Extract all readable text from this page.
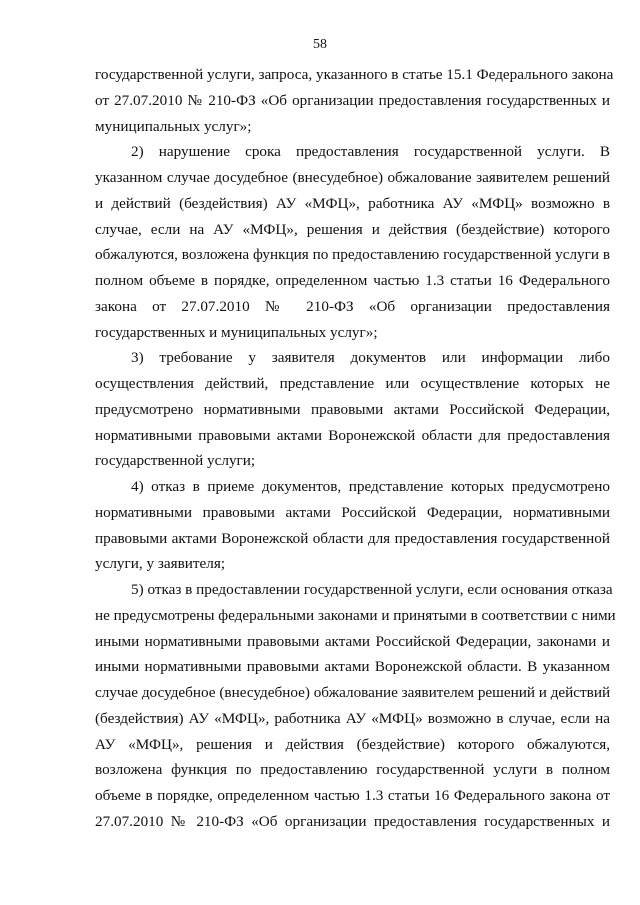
58
государственной услуги, запроса, указанного в статье 15.1 Федерального закона
от 27.07.2010 № 210-ФЗ «Об организации предоставления государственных и
муниципальных услуг»;
2) нарушение срока предоставления государственной услуги. В
указанном случае досудебное (внесудебное) обжалование заявителем решений
и действий (бездействия) АУ «МФЦ», работника АУ «МФЦ» возможно в
случае, если на АУ «МФЦ», решения и действия (бездействие) которого
обжалуются, возложена функция по предоставлению государственной услуги в
полном объеме в порядке, определенном частью 1.3 статьи 16 Федерального
закона от 27.07.2010 № 210-ФЗ «Об организации предоставления
государственных и муниципальных услуг»;
3) требование у заявителя документов или информации либо
осуществления действий, представление или осуществление которых не
предусмотрено нормативными правовыми актами Российской Федерации,
нормативными правовыми актами Воронежской области для предоставления
государственной услуги;
4) отказ в приеме документов, представление которых предусмотрено
нормативными правовыми актами Российской Федерации, нормативными
правовыми актами Воронежской области для предоставления государственной
услуги, у заявителя;
5) отказ в предоставлении государственной услуги, если основания отказа
не предусмотрены федеральными законами и принятыми в соответствии с ними
иными нормативными правовыми актами Российской Федерации, законами и
иными нормативными правовыми актами Воронежской области. В указанном
случае досудебное (внесудебное) обжалование заявителем решений и действий
(бездействия) АУ «МФЦ», работника АУ «МФЦ» возможно в случае, если на
АУ «МФЦ», решения и действия (бездействие) которого обжалуются,
возложена функция по предоставлению государственной услуги в полном
объеме в порядке, определенном частью 1.3 статьи 16 Федерального закона от
27.07.2010 № 210-ФЗ «Об организации предоставления государственных и
